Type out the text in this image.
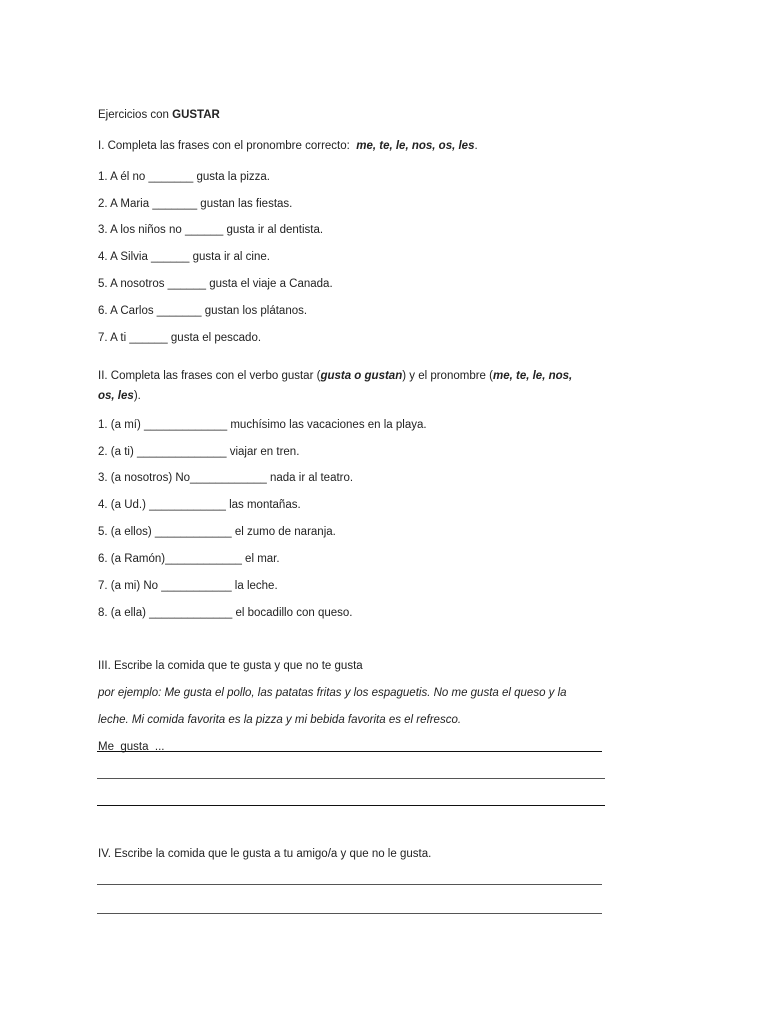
Ejercicios con GUSTAR
I. Completa las frases con el pronombre correcto:  me, te, le, nos, os, les.
1. A él no _______ gusta la pizza.
2. A Maria _______ gustan las fiestas.
3. A los niños no ______ gusta ir al dentista.
4. A Silvia ______ gusta ir al cine.
5. A nosotros ______ gusta el viaje a Canada.
6. A Carlos _______ gustan los plátanos.
7. A ti ______ gusta el pescado.
II. Completa las frases con el verbo gustar (gusta o gustan) y el pronombre (me, te, le, nos,
os, les).
1. (a mí) _____________ muchísimo las vacaciones en la playa.
2. (a ti) ______________ viajar en tren.
3. (a nosotros) No____________ nada ir al teatro.
4. (a Ud.) ____________ las montañas.
5. (a ellos) ____________ el zumo de naranja.
6. (a Ramón)____________ el mar.
7. (a mi) No ___________ la leche.
8. (a ella) _____________ el bocadillo con queso.
III. Escribe la comida que te gusta y que no te gusta
por ejemplo: Me gusta el pollo, las patatas fritas y los espaguetis. No me gusta el queso y la
leche. Mi comida favorita es la pizza y mi bebida favorita es el refresco.
Me  gusta  ...
IV. Escribe la comida que le gusta a tu amigo/a y que no le gusta.
